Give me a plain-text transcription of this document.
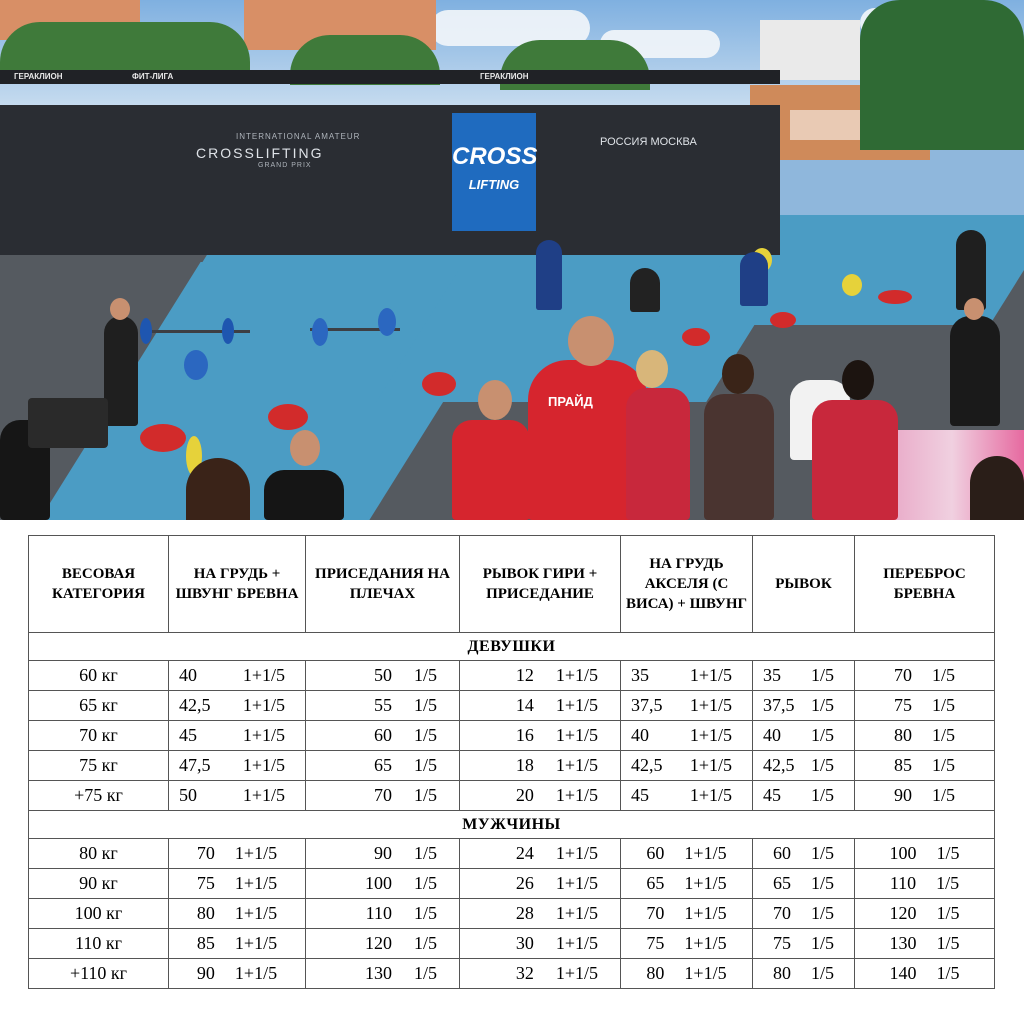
ГЕРАКЛИОН	ФИТ-ЛИГА	ГЕРАКЛИОН
INTERNATIONAL AMATEUR
CROSSLIFTING
GRAND PRIX	CROSS
LIFTING
РОССИЯ МОСКВА
ПРАЙД
ВЕСОВАЯ КАТЕГОРИЯ	НА ГРУДЬ + ШВУНГ БРЕВНА	ПРИСЕДАНИЯ НА ПЛЕЧАХ	РЫВОК ГИРИ + ПРИСЕДАНИЕ	НА ГРУДЬ АКСЕЛЯ (С ВИСА) + ШВУНГ	РЫВОК	ПЕРЕБРОС БРЕВНА
ДЕВУШКИ						
60 кг	40 1+1/5	50 1/5	12 1+1/5	35 1+1/5	35 1/5	70 1/5

65 кг	42,5 1+1/5	55 1/5	14 1+1/5	37,5 1+1/5	37,5 1/5	75 1/5

70 кг	45 1+1/5	60 1/5	16 1+1/5	40 1+1/5	40 1/5	80 1/5

75 кг	47,5 1+1/5	65 1/5	18 1+1/5	42,5 1+1/5	42,5 1/5	85 1/5

+75 кг	50 1+1/5	70 1/5	20 1+1/5	45 1+1/5	45 1/5	90 1/5

МУЖЧИНЫ						
80 кг	70 1+1/5	90 1/5	24 1+1/5	60 1+1/5	60 1/5	100 1/5

90 кг	75 1+1/5	100 1/5	26 1+1/5	65 1+1/5	65 1/5	110 1/5

100 кг	80 1+1/5	110 1/5	28 1+1/5	70 1+1/5	70 1/5	120 1/5

110 кг	85 1+1/5	120 1/5	30 1+1/5	75 1+1/5	75 1/5	130 1/5

+110 кг	90 1+1/5	130 1/5	32 1+1/5	80 1+1/5	80 1/5	140 1/5
